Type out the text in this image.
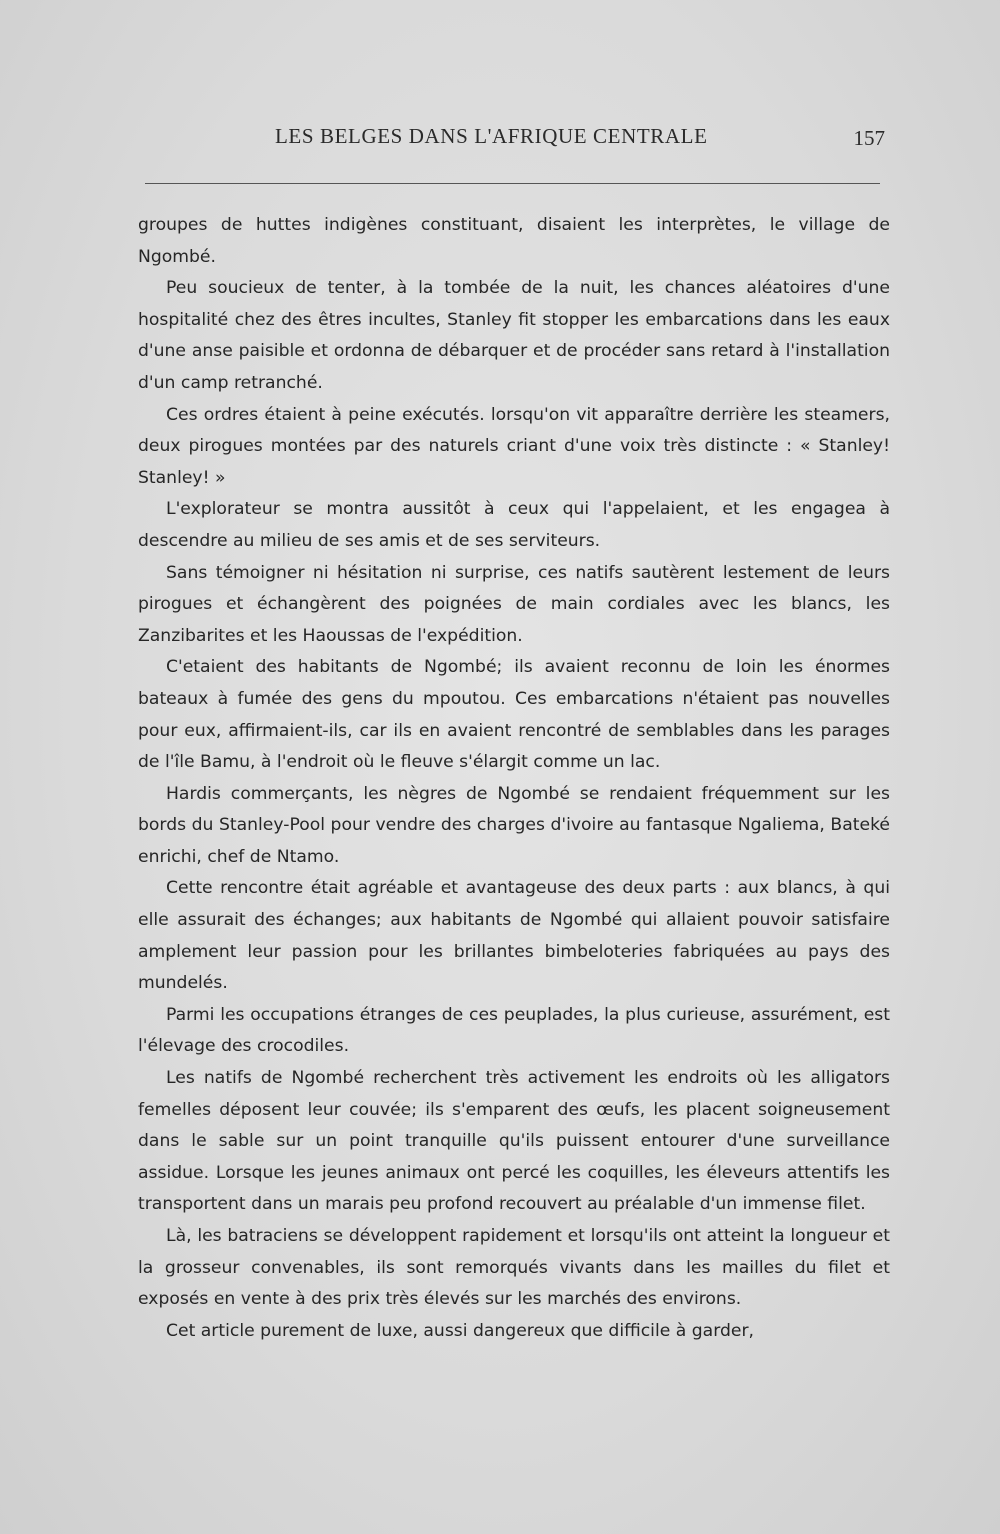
LES BELGES DANS L'AFRIQUE CENTRALE	157

groupes de huttes indigènes constituant, disaient les interprètes, le village de Ngombé.

Peu soucieux de tenter, à la tombée de la nuit, les chances aléatoires d'une hospitalité chez des êtres incultes, Stanley fit stopper les embarcations dans les eaux d'une anse paisible et ordonna de débarquer et de procéder sans retard à l'installation d'un camp retranché.

Ces ordres étaient à peine exécutés. lorsqu'on vit apparaître derrière les steamers, deux pirogues montées par des naturels criant d'une voix très distincte : « Stanley! Stanley! »

L'explorateur se montra aussitôt à ceux qui l'appelaient, et les engagea à descendre au milieu de ses amis et de ses serviteurs.

Sans témoigner ni hésitation ni surprise, ces natifs sautèrent lestement de leurs pirogues et échangèrent des poignées de main cordiales avec les blancs, les Zanzibarites et les Haoussas de l'expédition.

C'etaient des habitants de Ngombé; ils avaient reconnu de loin les énormes bateaux à fumée des gens du mpoutou. Ces embarcations n'étaient pas nouvelles pour eux, affirmaient-ils, car ils en avaient rencontré de semblables dans les parages de l'île Bamu, à l'endroit où le fleuve s'élargit comme un lac.

Hardis commerçants, les nègres de Ngombé se rendaient fréquemment sur les bords du Stanley-Pool pour vendre des charges d'ivoire au fantasque Ngaliema, Bateké enrichi, chef de Ntamo.

Cette rencontre était agréable et avantageuse des deux parts : aux blancs, à qui elle assurait des échanges; aux habitants de Ngombé qui allaient pouvoir satisfaire amplement leur passion pour les brillantes bimbeloteries fabriquées au pays des mundelés.

Parmi les occupations étranges de ces peuplades, la plus curieuse, assurément, est l'élevage des crocodiles.

Les natifs de Ngombé recherchent très activement les endroits où les alligators femelles déposent leur couvée; ils s'emparent des œufs, les placent soigneusement dans le sable sur un point tranquille qu'ils puissent entourer d'une surveillance assidue. Lorsque les jeunes animaux ont percé les coquilles, les éleveurs attentifs les transportent dans un marais peu profond recouvert au préalable d'un immense filet.

Là, les batraciens se développent rapidement et lorsqu'ils ont atteint la longueur et la grosseur convenables, ils sont remorqués vivants dans les mailles du filet et exposés en vente à des prix très élevés sur les marchés des environs.

Cet article purement de luxe, aussi dangereux que difficile à garder,
